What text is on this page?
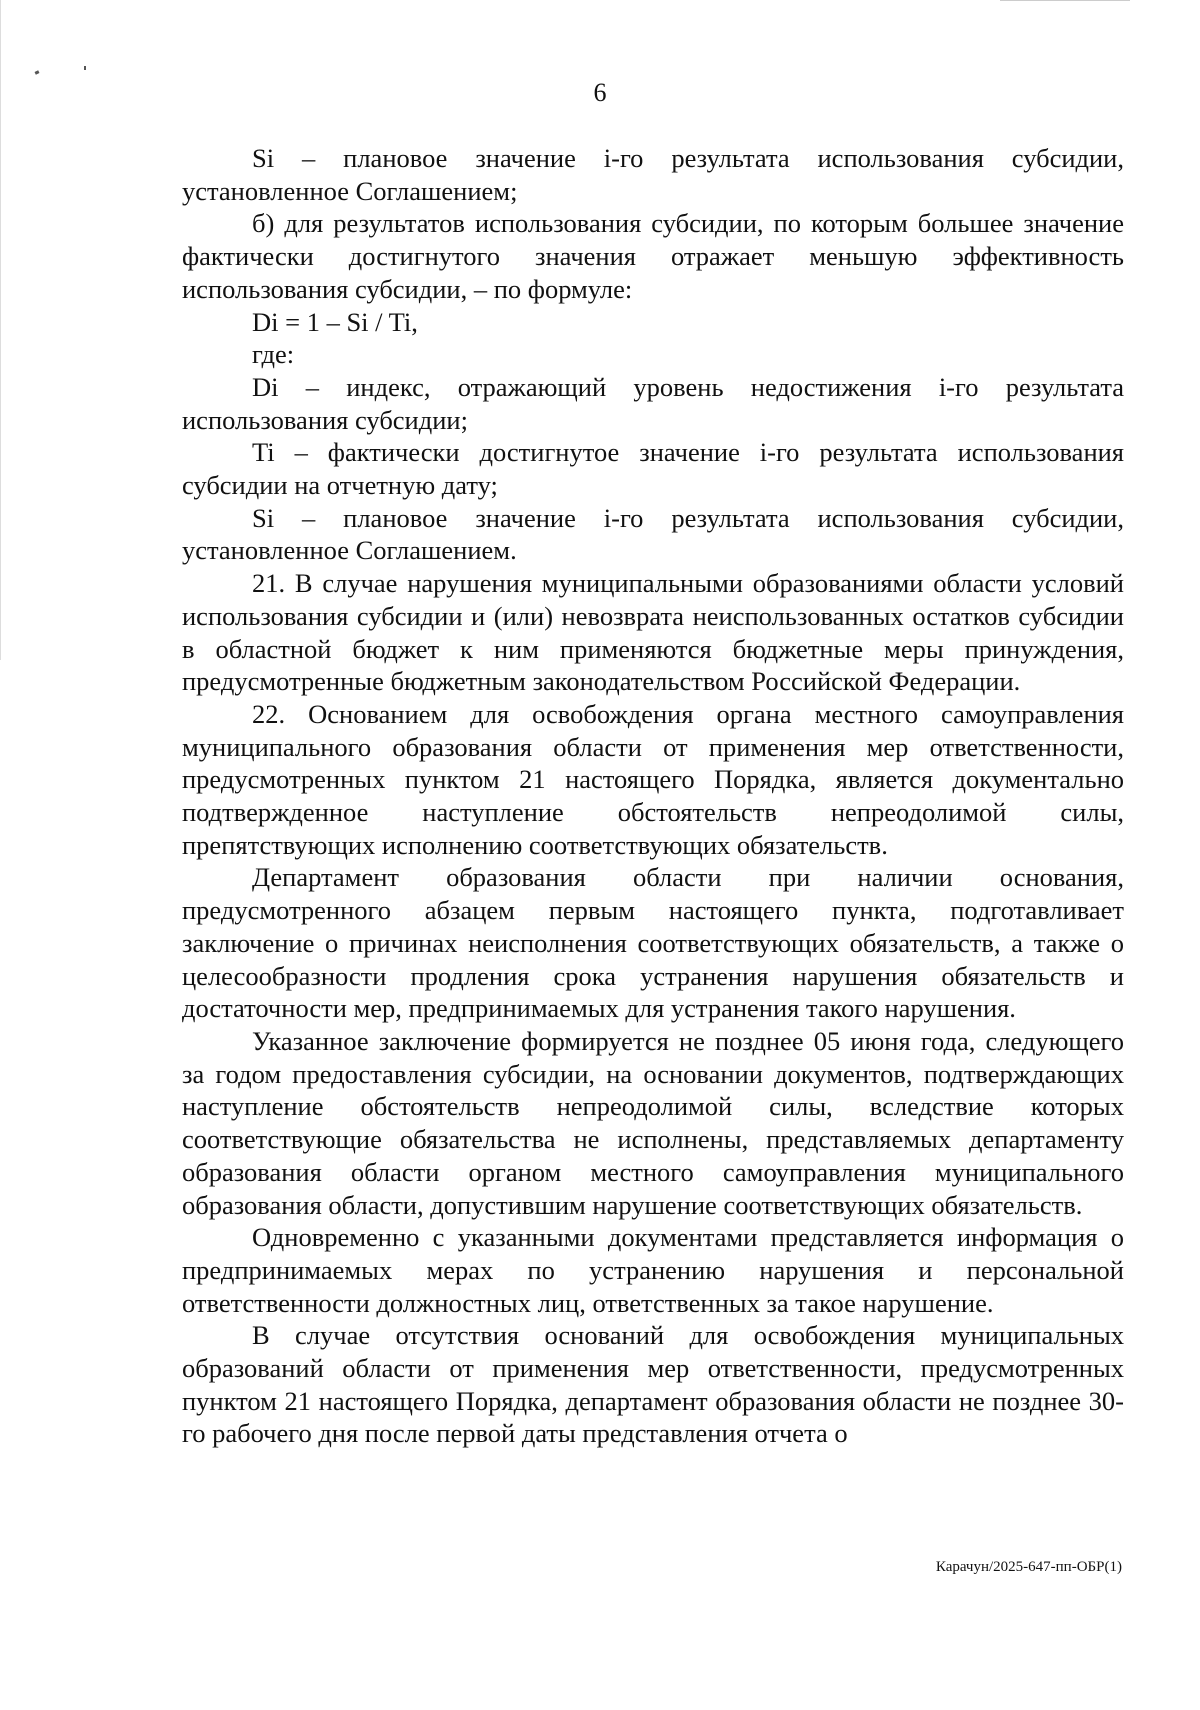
6

Si – плановое значение i-го результата использования субсидии, установленное Соглашением;

б) для результатов использования субсидии, по которым большее значение фактически достигнутого значения отражает меньшую эффективность использования субсидии, – по формуле:

Di = 1 – Si / Ti,

где:

Di – индекс, отражающий уровень недостижения i-го результата использования субсидии;

Ti – фактически достигнутое значение i-го результата использования субсидии на отчетную дату;

Si – плановое значение i-го результата использования субсидии, установленное Соглашением.

21. В случае нарушения муниципальными образованиями области условий использования субсидии и (или) невозврата неиспользованных остатков субсидии в областной бюджет к ним применяются бюджетные меры принуждения, предусмотренные бюджетным законодательством Российской Федерации.

22. Основанием для освобождения органа местного самоуправления муниципального образования области от применения мер ответственности, предусмотренных пунктом 21 настоящего Порядка, является документально подтвержденное наступление обстоятельств непреодолимой силы, препятствующих исполнению соответствующих обязательств.

Департамент образования области при наличии основания, предусмотренного абзацем первым настоящего пункта, подготавливает заключение о причинах неисполнения соответствующих обязательств, а также о целесообразности продления срока устранения нарушения обязательств и достаточности мер, предпринимаемых для устранения такого нарушения.

Указанное заключение формируется не позднее 05 июня года, следующего за годом предоставления субсидии, на основании документов, подтверждающих наступление обстоятельств непреодолимой силы, вследствие которых соответствующие обязательства не исполнены, представляемых департаменту образования области органом местного самоуправления муниципального образования области, допустившим нарушение соответствующих обязательств.

Одновременно с указанными документами представляется информация о предпринимаемых мерах по устранению нарушения и персональной ответственности должностных лиц, ответственных за такое нарушение.

В случае отсутствия оснований для освобождения муниципальных образований области от применения мер ответственности, предусмотренных пунктом 21 настоящего Порядка, департамент образования области не позднее 30-го рабочего дня после первой даты представления отчета о

Карачун/2025-647-пп-ОБР(1)
